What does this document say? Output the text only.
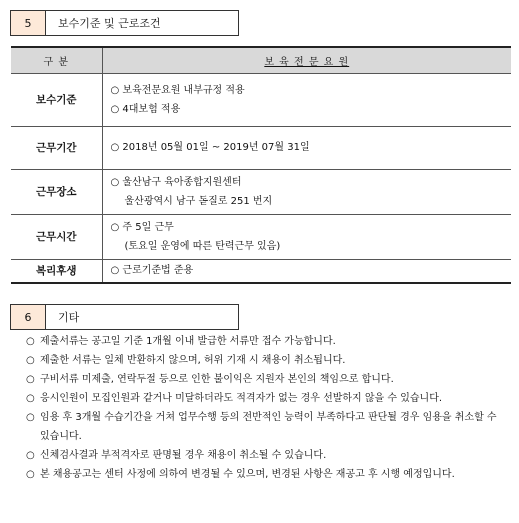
5	보수기준 및 근로조건
구 분	보 육 전 문 요 원
보수기준	○ 보육전문요원 내부규정 적용
○ 4대보험 적용

근무기간	○ 2018년 05월 01일 ~ 2019년 07월 31일

근무장소	○ 울산남구 육아종합지원센터
울산광역시 남구 돋질로 251 번지

근무시간	○ 주 5일 근무
(토요일 운영에 따른 탄력근무 있음)

복리후생	○ 근로기준법 준용
6	기타
○ 제출서류는 공고일 기준 1개월 이내 발급한 서류만 접수 가능합니다.
○ 제출한 서류는 일체 반환하지 않으며, 허위 기재 시 채용이 취소됩니다.
○ 구비서류 미제출, 연락두절 등으로 인한 불이익은 지원자 본인의 책임으로 합니다.
○ 응시인원이 모집인원과 같거나 미달하더라도 적격자가 없는 경우 선발하지 않을 수 있습니다.
○ 임용 후 3개월 수습기간을 거쳐 업무수행 등의 전반적인 능력이 부족하다고 판단될 경우 임용을 취소할 수 있습니다.
○ 신체검사결과 부적격자로 판명될 경우 채용이 취소될 수 있습니다.
○ 본 채용공고는 센터 사정에 의하여 변경될 수 있으며, 변경된 사항은 재공고 후 시행 예정입니다.
